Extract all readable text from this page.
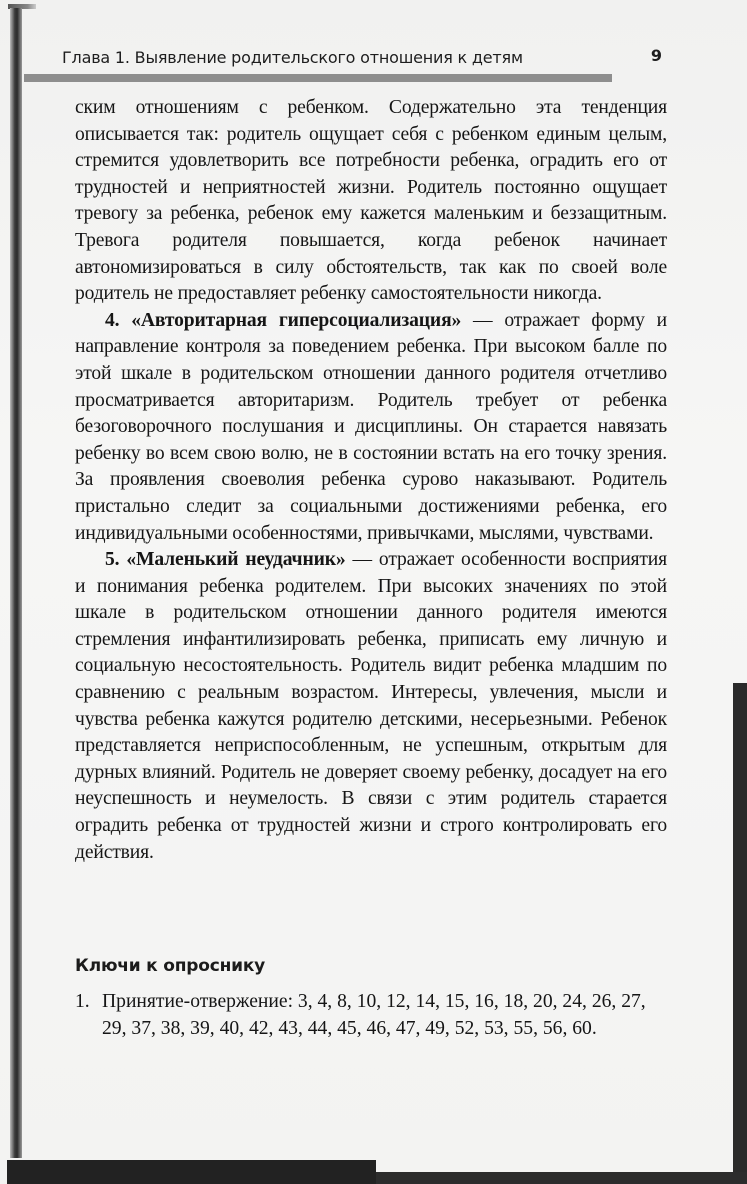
Глава 1. Выявление родительского отношения к детям	9

ским отношениям с ребенком. Содержательно эта тенденция описывается так: родитель ощущает себя с ребенком единым целым, стремится удовлетворить все потребности ребенка, оградить его от трудностей и неприятностей жизни. Родитель постоянно ощущает тревогу за ребенка, ребенок ему кажется маленьким и беззащитным. Тревога родителя повышается, когда ребенок начинает автономизироваться в силу обстоятельств, так как по своей воле родитель не предоставляет ребенку самостоятельности никогда.

4. «Авторитарная гиперсоциализация» — отражает форму и направление контроля за поведением ребенка. При высоком балле по этой шкале в родительском отношении данного родителя отчетливо просматривается авторитаризм. Родитель требует от ребенка безоговорочного послушания и дисциплины. Он старается навязать ребенку во всем свою волю, не в состоянии встать на его точку зрения. За проявления своеволия ребенка сурово наказывают. Родитель пристально следит за социальными достижениями ребенка, его индивидуальными особенностями, привычками, мыслями, чувствами.

5. «Маленький неудачник» — отражает особенности восприятия и понимания ребенка родителем. При высоких значениях по этой шкале в родительском отношении данного родителя имеются стремления инфантилизировать ребенка, приписать ему личную и социальную несостоятельность. Родитель видит ребенка младшим по сравнению с реальным возрастом. Интересы, увлечения, мысли и чувства ребенка кажутся родителю детскими, несерьезными. Ребенок представляется неприспособленным, не успешным, открытым для дурных влияний. Родитель не доверяет своему ребенку, досадует на его неуспешность и неумелость. В связи с этим родитель старается оградить ребенка от трудностей жизни и строго контролировать его действия.

Ключи к опроснику
1. Принятие-отвержение: 3, 4, 8, 10, 12, 14, 15, 16, 18, 20, 24, 26, 27, 29, 37, 38, 39, 40, 42, 43, 44, 45, 46, 47, 49, 52, 53, 55, 56, 60.
